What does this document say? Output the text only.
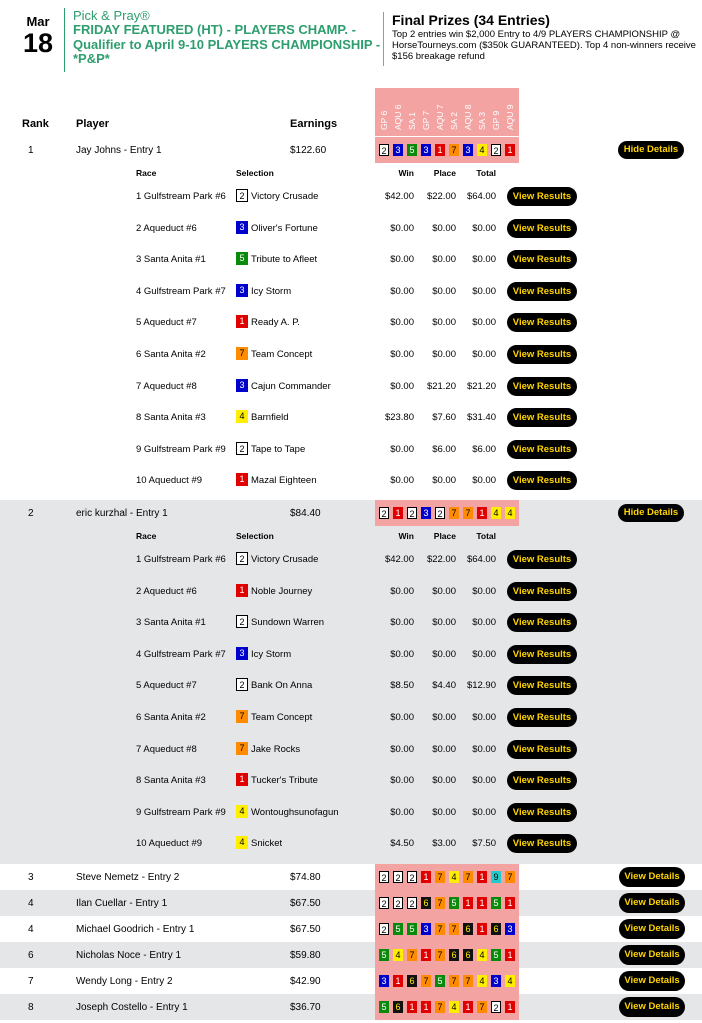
Mar
18
Pick & Pray®
FRIDAY FEATURED (HT) - PLAYERS CHAMP. - Qualifier to April 9-10 PLAYERS CHAMPIONSHIP - *P&P*
Final Prizes (34 Entries)
Top 2 entries win $2,000 Entry to 4/9 PLAYERS CHAMPIONSHIP @ HorseTourneys.com ($350k GUARANTEED). Top 4 non-winners receive $156 breakage refund
GP 6 AQU 6 SA 1 GP 7 AQU 7 SA 2 AQU 8 SA 3 GP 9 AQU 9
Rank Player	Earnings
1	Jay Johns - Entry 1	$122.60	2 3 5 3 1 7 3 4 2 1	Hide Details
Race	Selection	Win	Place	Total
1 Gulfstream Park #6	2 Victory Crusade	$42.00	$22.00	$64.00	View Results
2 Aqueduct #6	3 Oliver's Fortune	$0.00	$0.00	$0.00	View Results
3 Santa Anita #1	5 Tribute to Afleet	$0.00	$0.00	$0.00	View Results
4 Gulfstream Park #7	3 Icy Storm	$0.00	$0.00	$0.00	View Results
5 Aqueduct #7	1 Ready A. P.	$0.00	$0.00	$0.00	View Results
6 Santa Anita #2	7 Team Concept	$0.00	$0.00	$0.00	View Results
7 Aqueduct #8	3 Cajun Commander	$0.00	$21.20	$21.20	View Results
8 Santa Anita #3	4 Barnfield	$23.80	$7.60	$31.40	View Results
9 Gulfstream Park #9	2 Tape to Tape	$0.00	$6.00	$6.00	View Results
10 Aqueduct #9	1 Mazal Eighteen	$0.00	$0.00	$0.00	View Results
2	eric kurzhal - Entry 1	$84.40	2 1 2 3 2 7 7 1 4 4	Hide Details
Race	Selection	Win	Place	Total
1 Gulfstream Park #6	2 Victory Crusade	$42.00	$22.00	$64.00	View Results
2 Aqueduct #6	1 Noble Journey	$0.00	$0.00	$0.00	View Results
3 Santa Anita #1	2 Sundown Warren	$0.00	$0.00	$0.00	View Results
4 Gulfstream Park #7	3 Icy Storm	$0.00	$0.00	$0.00	View Results
5 Aqueduct #7	2 Bank On Anna	$8.50	$4.40	$12.90	View Results
6 Santa Anita #2	7 Team Concept	$0.00	$0.00	$0.00	View Results
7 Aqueduct #8	7 Jake Rocks	$0.00	$0.00	$0.00	View Results
8 Santa Anita #3	1 Tucker's Tribute	$0.00	$0.00	$0.00	View Results
9 Gulfstream Park #9	4 Wontoughsunofagun	$0.00	$0.00	$0.00	View Results
10 Aqueduct #9	4 Snicket	$4.50	$3.00	$7.50	View Results
3	Steve Nemetz - Entry 2	$74.80	2 2 2 1 7 4 7 1 9 7	View Details
4	Ilan Cuellar - Entry 1	$67.50	2 2 2 6 7 5 1 1 5 1	View Details
4	Michael Goodrich - Entry 1	$67.50	2 5 5 3 7 7 6 1 6 3	View Details
6	Nicholas Noce - Entry 1	$59.80	5 4 7 1 7 6 6 4 5 1	View Details
7	Wendy Long - Entry 2	$42.90	3 1 6 7 5 7 7 4 3 4	View Details
8	Joseph Costello - Entry 1	$36.70	5 6 1 1 7 4 1 7 2 1	View Details
